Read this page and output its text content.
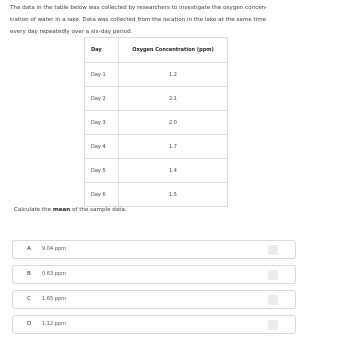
The data in the table below was collected by researchers to investigate the oxygen concen-
tration of water in a lake. Data was collected from the location in the lake at the same time
every day repeatedly over a six-day period.
Day	Oxygen Concentration (ppm)
Day 1	1.2
Day 2	2.1
Day 3	2.0
Day 4	1.7
Day 5	1.4
Day 6	1.5
Calculate the mean of the sample data.
A 9.04 ppm
B 0.63 ppm
C 1.65 ppm
D 1.12 ppm
